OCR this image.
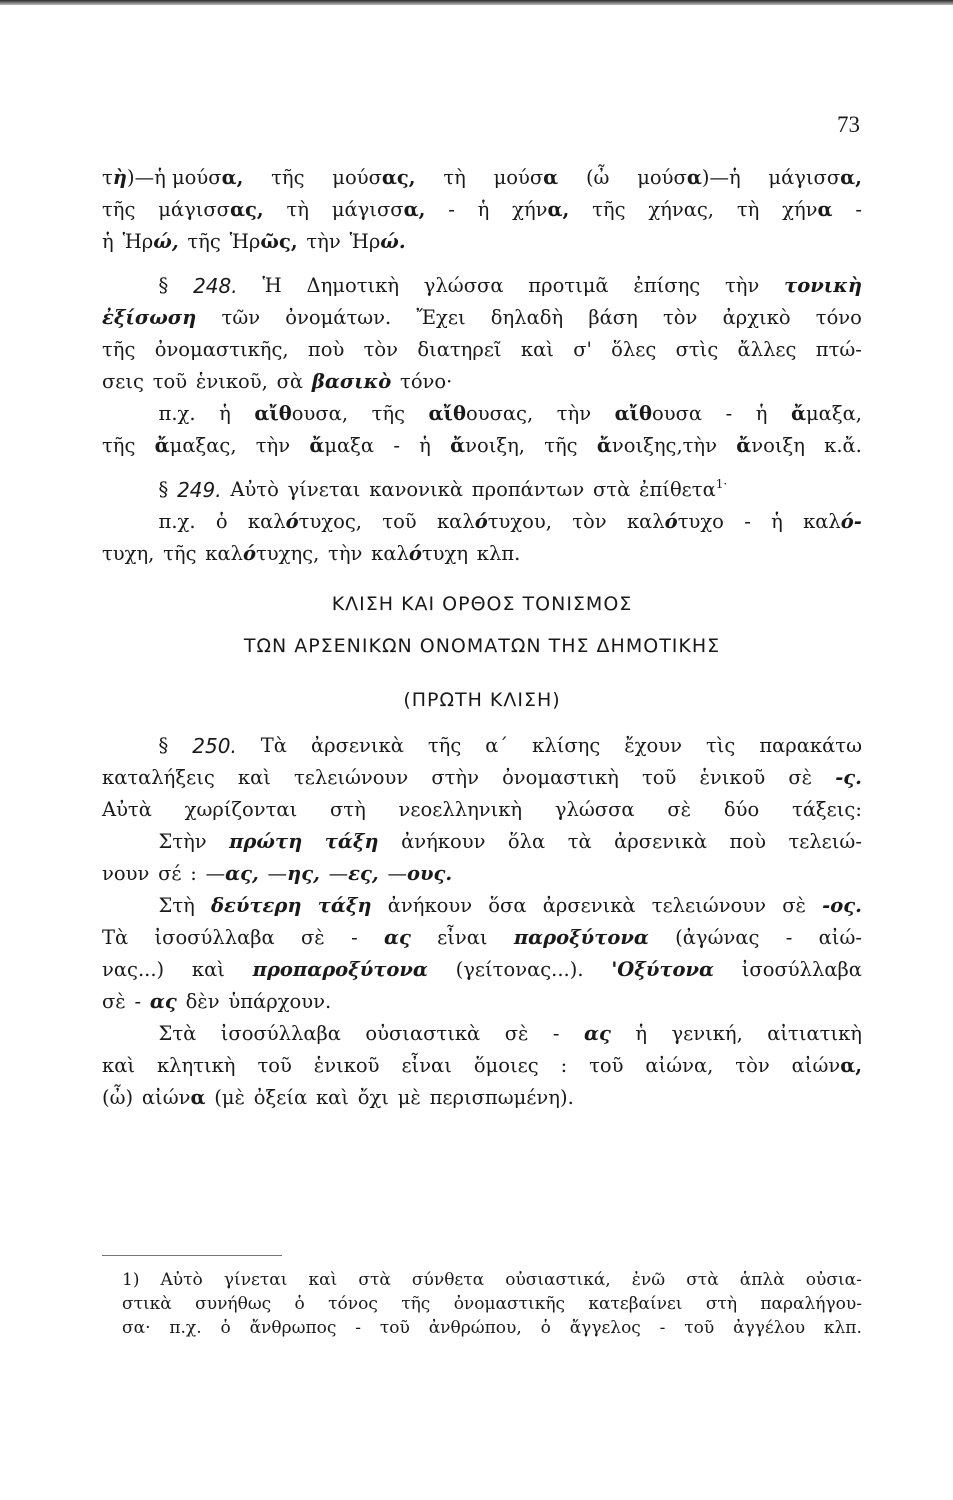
73
τὴ)—ἡ μούσα, τῆς μούσας, τὴ μούσα (ὦ μούσα)—ἡ μάγισσα,
τῆς μάγισσας, τὴ μάγισσα, - ἡ χήνα, τῆς χήνας, τὴ χήνα -
ἡ Ἡρώ, τῆς Ἡρῶς, τὴν Ἡρώ.
§ 248. Ἡ Δημοτικὴ γλώσσα προτιμᾶ ἐπίσης τὴν τονικὴ
ἐξίσωση τῶν ὀνομάτων. Ἔχει δηλαδὴ βάση τὸν ἀρχικὸ τόνο
τῆς ὀνομαστικῆς, ποὺ τὸν διατηρεῖ καὶ σ' ὅλες στὶς ἄλλες πτώ-
σεις τοῦ ἑνικοῦ, σὰ βασικὸ τόνο·
π.χ. ἡ αἴθουσα, τῆς αἴθουσας, τὴν αἴθουσα - ἡ ἄμαξα,
τῆς ἄμαξας, τὴν ἄμαξα - ἡ ἄνοιξη, τῆς ἄνοιξης,τὴν ἄνοιξη κ.ἄ.
§ 249. Αὐτὸ γίνεται κανονικὰ προπάντων στὰ ἐπίθετα$^{1\cdot}$
π.χ. ὁ καλότυχος, τοῦ καλότυχου, τὸν καλότυχο - ἡ καλό-
τυχη, τῆς καλότυχης, τὴν καλότυχη κλπ.
ΚΛΙΣΗ ΚΑΙ ΟΡΘΟΣ ΤΟΝΙΣΜΟΣ
ΤΩΝ ΑΡΣΕΝΙΚΩΝ ΟΝΟΜΑΤΩΝ ΤΗΣ ΔΗΜΟΤΙΚΗΣ
(ΠΡΩΤΗ ΚΛΙΣΗ)
§ 250. Τὰ ἀρσενικὰ τῆς α΄ κλίσης ἔχουν τὶς παρακάτω
καταλήξεις καὶ τελειώνουν στὴν ὀνομαστικὴ τοῦ ἑνικοῦ σὲ -ς.
Αὐτὰ χωρίζονται στὴ νεοελληνικὴ γλώσσα σὲ δύο τάξεις:
Στὴν πρώτη τάξη ἀνήκουν ὅλα τὰ ἀρσενικὰ ποὺ τελειώ-
νουν σέ : —ας, —ης, —ες, —ους.
Στὴ δεύτερη τάξη ἀνήκουν ὅσα ἀρσενικὰ τελειώνουν σὲ -ος.
Τὰ ἰσοσύλλαβα σὲ - ας εἶναι παροξύτονα (ἀγώνας - αἰώ-
νας...) καὶ προπαροξύτονα (γείτονας...). 'Οξύτονα ἰσοσύλλαβα
σὲ - ας δὲν ὑπάρχουν.
Στὰ ἰσοσύλλαβα οὐσιαστικὰ σὲ - ας ἡ γενική, αἰτιατικὴ
καὶ κλητικὴ τοῦ ἑνικοῦ εἶναι ὅμοιες : τοῦ αἰώνα, τὸν αἰώνα,
(ὦ) αἰώνα (μὲ ὀξεία καὶ ὄχι μὲ περισπωμένη).
1) Αὐτὸ γίνεται καὶ στὰ σύνθετα οὐσιαστικά, ἐνῶ στὰ ἁπλὰ οὐσια-
στικὰ συνήθως ὁ τόνος τῆς ὀνομαστικῆς κατεβαίνει στὴ παραλήγου-
σα· π.χ. ὁ ἄνθρωπος - τοῦ ἀνθρώπου, ὁ ἄγγελος - τοῦ ἀγγέλου κλπ.
